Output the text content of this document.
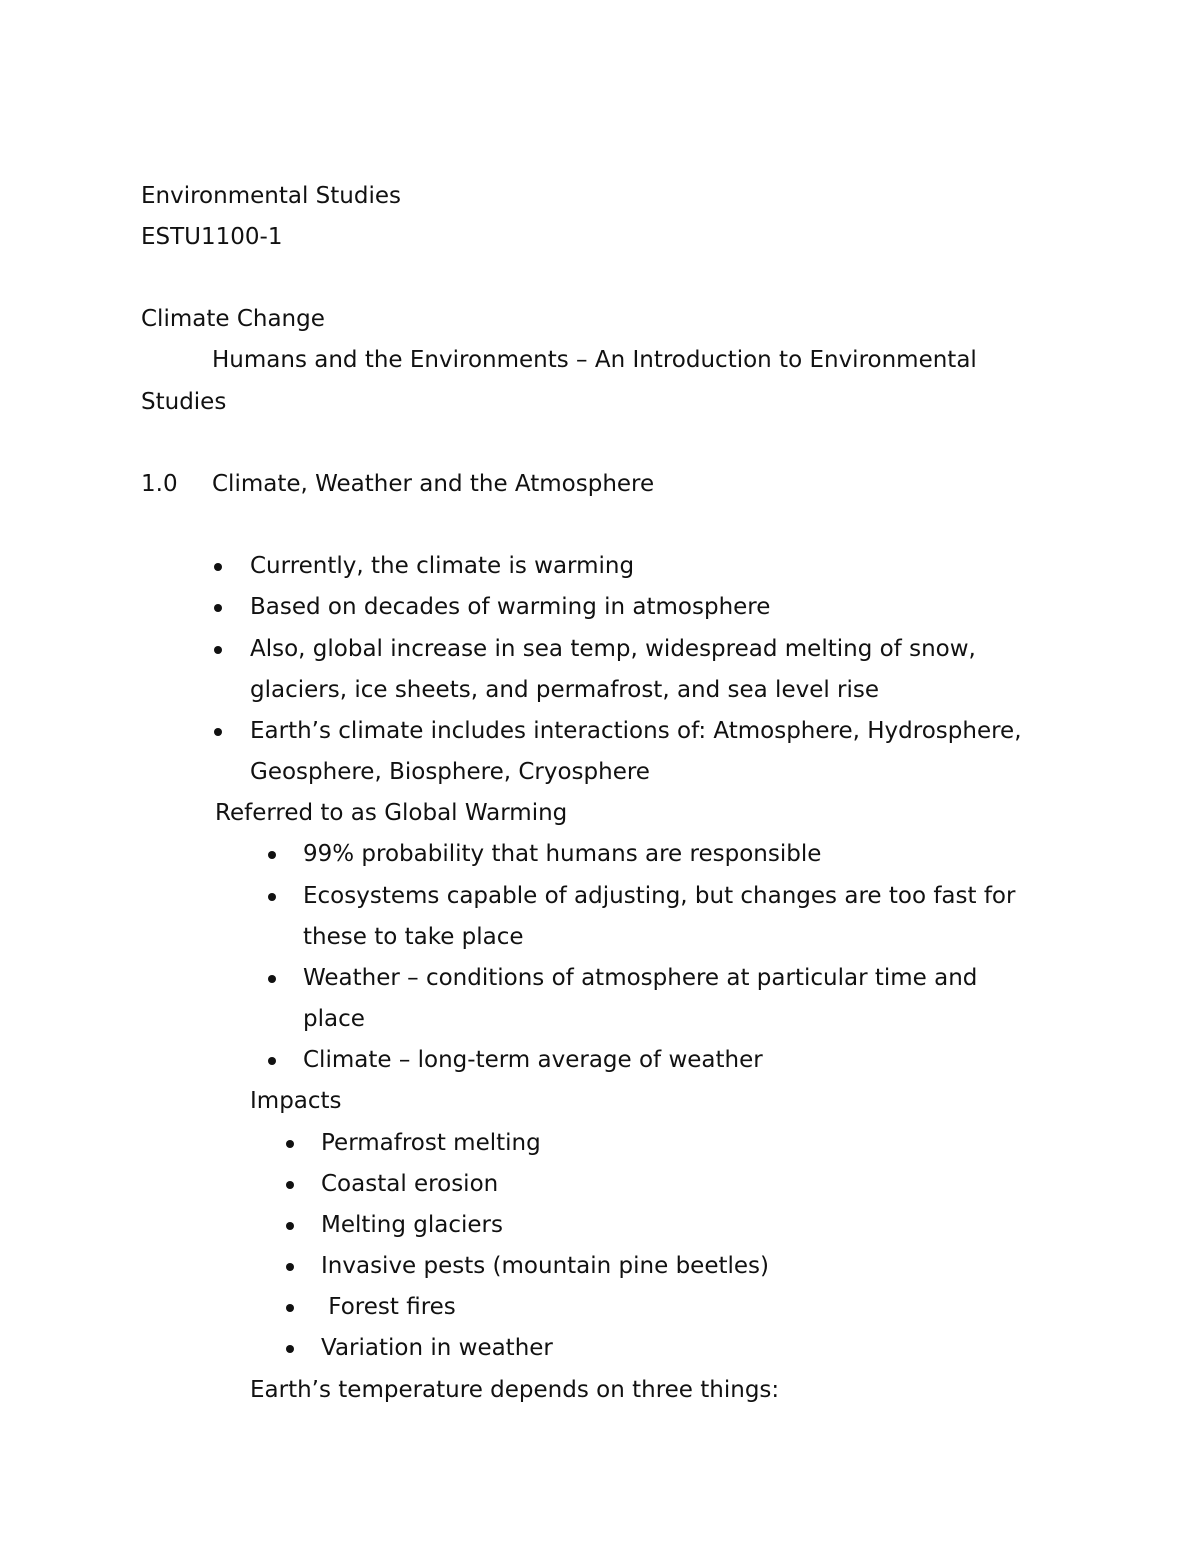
Environmental Studies
ESTU1100-1
Climate Change
Humans and the Environments – An Introduction to Environmental
Studies
1.0 Climate, Weather and the Atmosphere
Currently, the climate is warming
Based on decades of warming in atmosphere
Also, global increase in sea temp, widespread melting of snow,
glaciers, ice sheets, and permafrost, and sea level rise
Earth’s climate includes interactions of: Atmosphere, Hydrosphere,
Geosphere, Biosphere, Cryosphere
Referred to as Global Warming
99% probability that humans are responsible
Ecosystems capable of adjusting, but changes are too fast for
these to take place
Weather – conditions of atmosphere at particular time and
place
Climate – long-term average of weather
Impacts
Permafrost melting
Coastal erosion
Melting glaciers
Invasive pests (mountain pine beetles)
Forest fires
Variation in weather
Earth’s temperature depends on three things:
